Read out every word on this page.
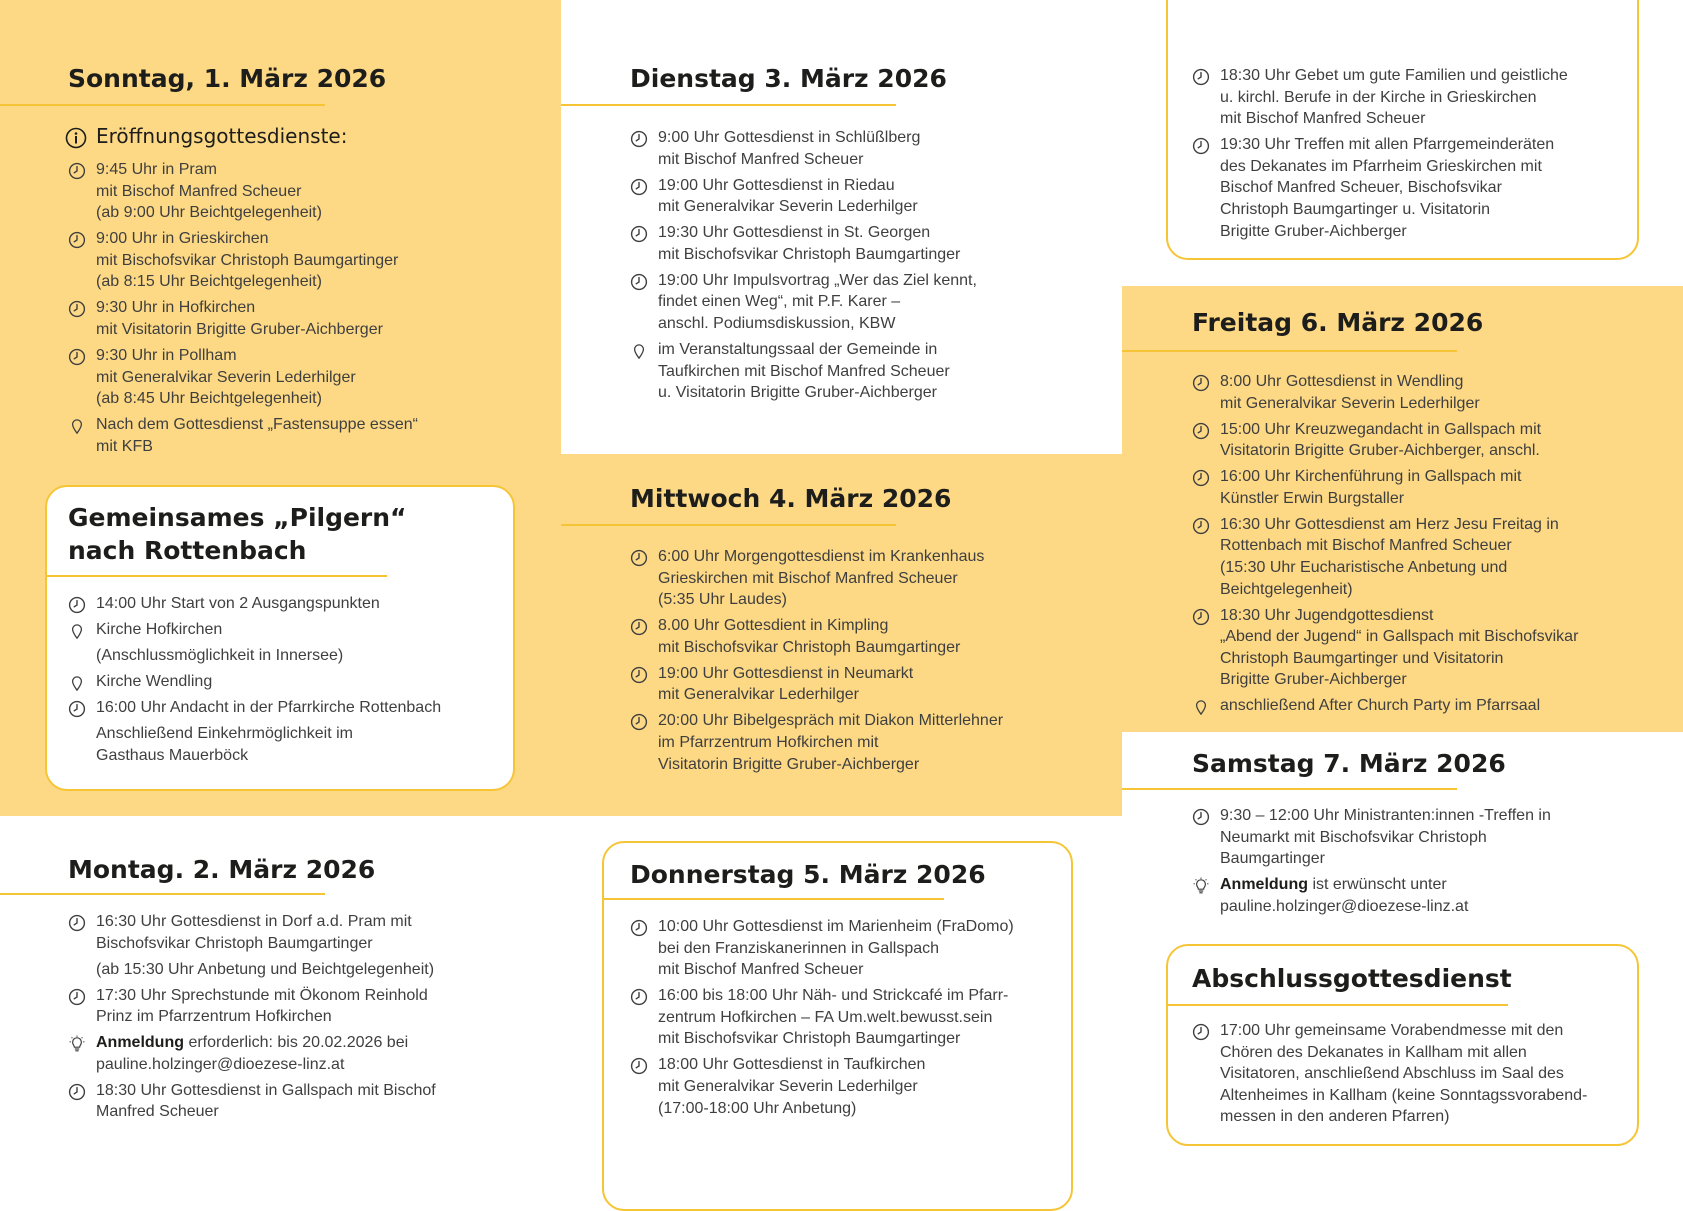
Sonntag, 1. März 2026
Eröffnungsgottesdienste:
9:45 Uhr in Pram
mit Bischof Manfred Scheuer
(ab 9:00 Uhr Beichtgelegenheit)
9:00 Uhr in Grieskirchen
mit Bischofsvikar Christoph Baumgartinger
(ab 8:15 Uhr Beichtgelegenheit)
9:30 Uhr in Hofkirchen
mit Visitatorin Brigitte Gruber-Aichberger
9:30 Uhr in Pollham
mit Generalvikar Severin Lederhilger
(ab 8:45 Uhr Beichtgelegenheit)
Nach dem Gottesdienst „Fastensuppe essen“
mit KFB
Gemeinsames „Pilgern“
nach Rottenbach
14:00 Uhr Start von 2 Ausgangspunkten
Kirche Hofkirchen
(Anschlussmöglichkeit in Innersee)
Kirche Wendling
16:00 Uhr Andacht in der Pfarrkirche Rottenbach
Anschließend Einkehrmöglichkeit im
Gasthaus Mauerböck
Montag. 2. März 2026
16:30 Uhr Gottesdienst in Dorf a.d. Pram mit
Bischofsvikar Christoph Baumgartinger
(ab 15:30 Uhr Anbetung und Beichtgelegenheit)
17:30 Uhr Sprechstunde mit Ökonom Reinhold
Prinz im Pfarrzentrum Hofkirchen
Anmeldung erforderlich: bis 20.02.2026 bei
pauline.holzinger@dioezese-linz.at
18:30 Uhr Gottesdienst in Gallspach mit Bischof
Manfred Scheuer
Dienstag 3. März 2026
9:00 Uhr Gottesdienst in Schlüßlberg
mit Bischof Manfred Scheuer
19:00 Uhr Gottesdienst in Riedau
mit Generalvikar Severin Lederhilger
19:30 Uhr Gottesdienst in St. Georgen
mit Bischofsvikar Christoph Baumgartinger
19:00 Uhr Impulsvortrag „Wer das Ziel kennt,
findet einen Weg“, mit P.F. Karer –
anschl. Podiumsdiskussion, KBW
im Veranstaltungssaal der Gemeinde in
Taufkirchen mit Bischof Manfred Scheuer
u. Visitatorin Brigitte Gruber-Aichberger
Mittwoch 4. März 2026
6:00 Uhr Morgengottesdienst im Krankenhaus
Grieskirchen mit Bischof Manfred Scheuer
(5:35 Uhr Laudes)
8.00 Uhr Gottesdient in Kimpling
mit Bischofsvikar Christoph Baumgartinger
19:00 Uhr Gottesdienst in Neumarkt
mit Generalvikar Lederhilger
20:00 Uhr Bibelgespräch mit Diakon Mitterlehner
im Pfarrzentrum Hofkirchen mit
Visitatorin Brigitte Gruber-Aichberger
Donnerstag 5. März 2026
10:00 Uhr Gottesdienst im Marienheim (FraDomo)
bei den Franziskanerinnen in Gallspach
mit Bischof Manfred Scheuer
16:00 bis 18:00 Uhr Näh- und Strickcafé im Pfarr-
zentrum Hofkirchen – FA Um.welt.bewusst.sein
mit Bischofsvikar Christoph Baumgartinger
18:00 Uhr Gottesdienst in Taufkirchen
mit Generalvikar Severin Lederhilger
(17:00-18:00 Uhr Anbetung)
18:30 Uhr Gebet um gute Familien und geistliche
u. kirchl. Berufe in der Kirche in Grieskirchen
mit Bischof Manfred Scheuer
19:30 Uhr Treffen mit allen Pfarrgemeinderäten
des Dekanates im Pfarrheim Grieskirchen mit
Bischof Manfred Scheuer, Bischofsvikar
Christoph Baumgartinger u. Visitatorin
Brigitte Gruber-Aichberger
Freitag 6. März 2026
8:00 Uhr Gottesdienst in Wendling
mit Generalvikar Severin Lederhilger
15:00 Uhr Kreuzwegandacht in Gallspach mit
Visitatorin Brigitte Gruber-Aichberger, anschl.
16:00 Uhr Kirchenführung in Gallspach mit
Künstler Erwin Burgstaller
16:30 Uhr Gottesdienst am Herz Jesu Freitag in
Rottenbach mit Bischof Manfred Scheuer
(15:30 Uhr Eucharistische Anbetung und
Beichtgelegenheit)
18:30 Uhr Jugendgottesdienst
„Abend der Jugend“ in Gallspach mit Bischofsvikar
Christoph Baumgartinger und Visitatorin
Brigitte Gruber-Aichberger
anschließend After Church Party im Pfarrsaal
Samstag 7. März 2026
9:30 – 12:00 Uhr Ministranten:innen -Treffen in
Neumarkt mit Bischofsvikar Christoph
Baumgartinger
Anmeldung ist erwünscht unter
pauline.holzinger@dioezese-linz.at
Abschlussgottesdienst
17:00 Uhr gemeinsame Vorabendmesse mit den
Chören des Dekanates in Kallham mit allen
Visitatoren, anschließend Abschluss im Saal des
Altenheimes in Kallham (keine Sonntagssvorabend-
messen in den anderen Pfarren)
